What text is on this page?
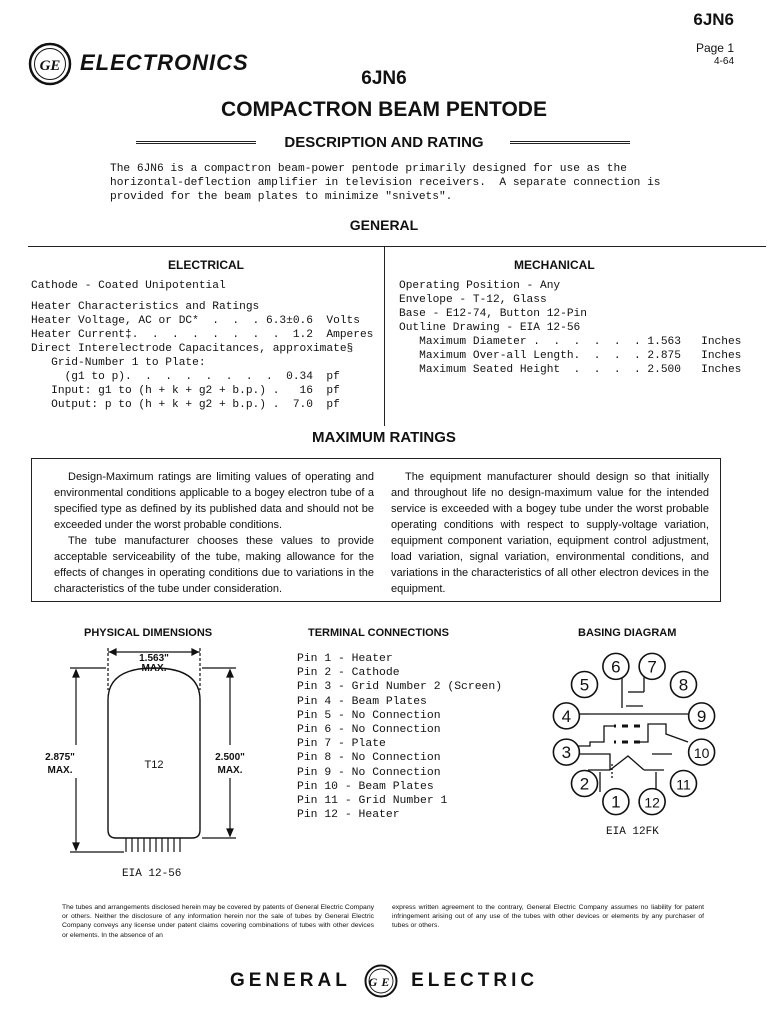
GE ELECTRONICS
6JN6
Page 1
4-64
6JN6
COMPACTRON BEAM PENTODE
DESCRIPTION AND RATING
The 6JN6 is a compactron beam-power pentode primarily designed for use as the
horizontal-deflection amplifier in television receivers.  A separate connection is
provided for the beam plates to minimize "snivets".
GENERAL
ELECTRICAL	MECHANICAL
Cathode - Coated Unipotential
Heater Characteristics and Ratings
Heater Voltage, AC or DC*  .  .  . 6.3±0.6  Volts
Heater Current‡.  .  .  .  .  .  .  .  1.2  Amperes
Direct Interelectrode Capacitances, approximate§
Grid-Number 1 to Plate:
(g1 to p).  .  .  .  .  .  .  .  0.34  pf
Input: g1 to (h + k + g2 + b.p.) .   16  pf
Output: p to (h + k + g2 + b.p.) .  7.0  pf
Operating Position - Any
Envelope - T-12, Glass
Base - E12-74, Button 12-Pin
Outline Drawing - EIA 12-56
Maximum Diameter .  .  .  .  .  . 1.563   Inches
Maximum Over-all Length.  .  .  . 2.875   Inches
Maximum Seated Height  .  .  .  . 2.500   Inches
MAXIMUM RATINGS
Design-Maximum ratings are limiting values of operating and environmental conditions applicable to a bogey electron tube of a specified type as defined by its published data and should not be exceeded under the worst probable conditions.
The tube manufacturer chooses these values to provide acceptable serviceability of the tube, making allowance for the effects of changes in operating conditions due to variations in the characteristics of the tube under consideration.
The equipment manufacturer should design so that initially and throughout life no design-maximum value for the intended service is exceeded with a bogey tube under the worst probable operating conditions with respect to supply-voltage variation, equipment component variation, equipment control adjustment, load variation, signal variation, environmental conditions, and variations in the characteristics of all other electron devices in the equipment.
PHYSICAL DIMENSIONS	TERMINAL CONNECTIONS	BASING DIAGRAM
1.563"
MAX.
2.875"
MAX.	T12
2.500"
MAX.
EIA 12-56
Pin 1 - Heater
Pin 2 - Cathode
Pin 3 - Grid Number 2 (Screen)
Pin 4 - Beam Plates
Pin 5 - No Connection
Pin 6 - No Connection
Pin 7 - Plate
Pin 8 - No Connection
Pin 9 - No Connection
Pin 10 - Beam Plates
Pin 11 - Grid Number 1
Pin 12 - Heater
1
2
3
4
5
6 7
8
9
10
11
12
EIA 12FK
The tubes and arrangements disclosed herein may be covered by patents of General Electric Company or others. Neither the disclosure of any information herein nor the sale of tubes by General Electric Company conveys any license under patent claims covering combinations of tubes with other devices or elements. In the absence of an
express written agreement to the contrary, General Electric Company assumes no liability for patent infringement arising out of any use of the tubes with other devices or elements by any purchaser of tubes or others.
GENERAL GE ELECTRIC
